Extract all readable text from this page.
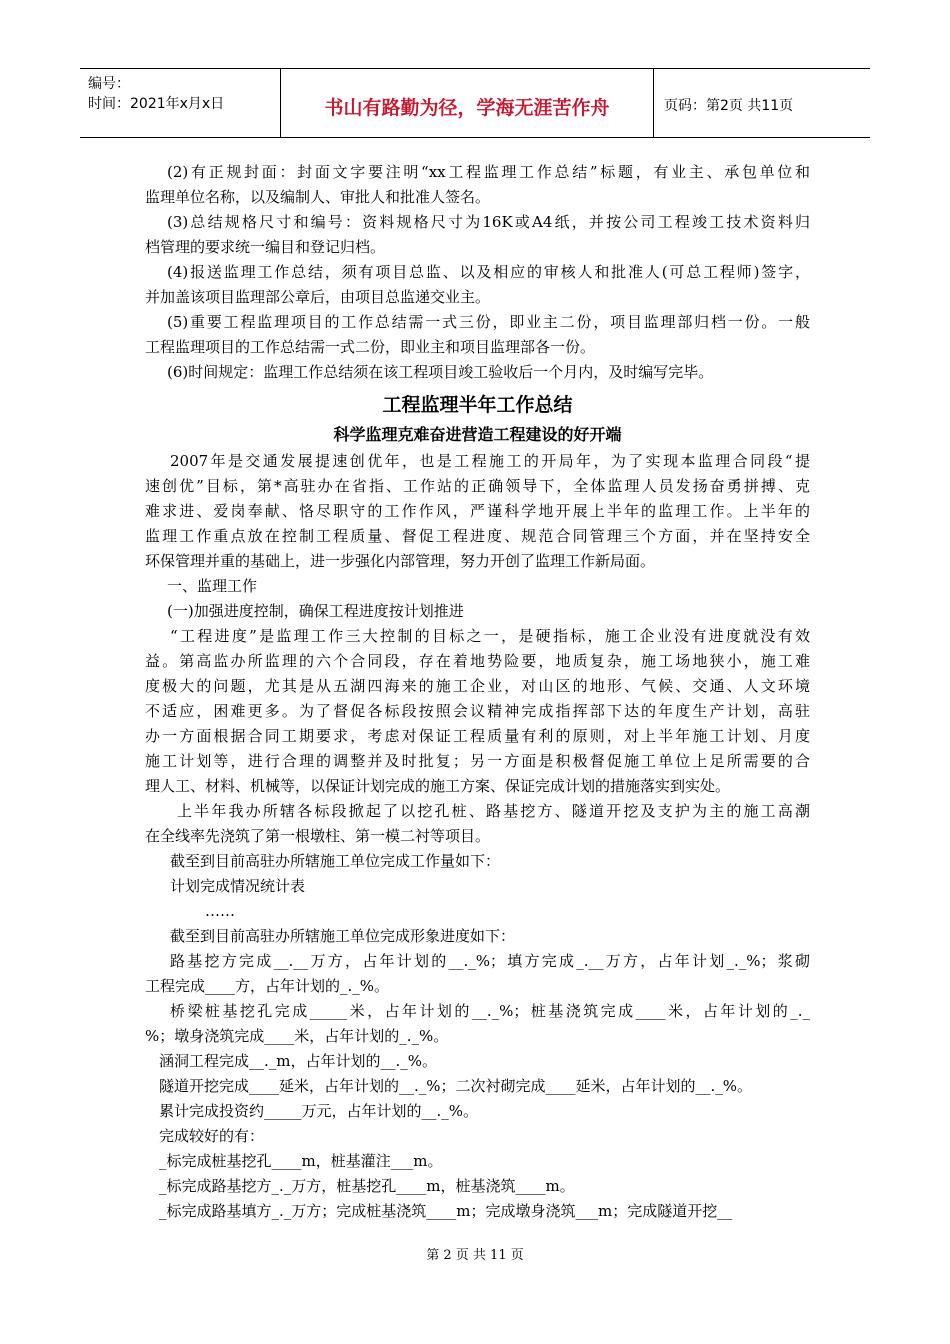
编号：
时间：2021年x月x日	书山有路勤为径，学海无涯苦作舟	页码：第2页 共11页
(2)有正规封面：封面文字要注明“xx工程监理工作总结”标题，有业主、承包单位和
监理单位名称，以及编制人、审批人和批准人签名。
(3)总结规格尺寸和编号：资料规格尺寸为16K或A4纸，并按公司工程竣工技术资料归
档管理的要求统一编目和登记归档。
(4)报送监理工作总结，须有项目总监、以及相应的审核人和批准人(可总工程师)签字，
并加盖该项目监理部公章后，由项目总监递交业主。
(5)重要工程监理项目的工作总结需一式三份，即业主二份，项目监理部归档一份。一般
工程监理项目的工作总结需一式二份，即业主和项目监理部各一份。
(6)时间规定：监理工作总结须在该工程项目竣工验收后一个月内，及时编写完毕。
工程监理半年工作总结
科学监理克难奋进营造工程建设的好开端
2007年是交通发展提速创优年，也是工程施工的开局年，为了实现本监理合同段“提
速创优”目标，第*高驻办在省指、工作站的正确领导下，全体监理人员发扬奋勇拼搏、克
难求进、爱岗奉献、恪尽职守的工作作风，严谨科学地开展上半年的监理工作。上半年的
监理工作重点放在控制工程质量、督促工程进度、规范合同管理三个方面，并在坚持安全
环保管理并重的基础上，进一步强化内部管理，努力开创了监理工作新局面。
一、监理工作
(一)加强进度控制，确保工程进度按计划推进
“工程进度”是监理工作三大控制的目标之一，是硬指标，施工企业没有进度就没有效
益。第高监办所监理的六个合同段，存在着地势险要，地质复杂，施工场地狭小，施工难
度极大的问题，尤其是从五湖四海来的施工企业，对山区的地形、气候、交通、人文环境
不适应，困难更多。为了督促各标段按照会议精神完成指挥部下达的年度生产计划，高驻
办一方面根据合同工期要求，考虑对保证工程质量有利的原则，对上半年施工计划、月度
施工计划等，进行合理的调整并及时批复；另一方面是积极督促施工单位上足所需要的合
理人工、材料、机械等，以保证计划完成的施工方案、保证完成计划的措施落实到实处。
上半年我办所辖各标段掀起了以挖孔桩、路基挖方、隧道开挖及支护为主的施工高潮
在全线率先浇筑了第一根墩柱、第一模二衬等项目。
截至到目前高驻办所辖施工单位完成工作量如下：
计划完成情况统计表
……
截至到目前高驻办所辖施工单位完成形象进度如下：
路基挖方完成__.__万方，占年计划的__._%；填方完成_.__万方，占年计划_._%；浆砌
工程完成____方，占年计划的_._%。
桥梁桩基挖孔完成_____米，占年计划的__._%；桩基浇筑完成____米，占年计划的_._
%；墩身浇筑完成____米，占年计划的_._%。
涵洞工程完成__._m，占年计划的__._%。
隧道开挖完成____延米，占年计划的__._%；二次衬砌完成____延米，占年计划的__._%。
累计完成投资约_____万元，占年计划的__._%。
完成较好的有：
_标完成桩基挖孔____m，桩基灌注___m。
_标完成路基挖方_._万方，桩基挖孔____m，桩基浇筑____m。
_标完成路基填方_._万方；完成桩基浇筑____m；完成墩身浇筑___m；完成隧道开挖__
第 2 页 共 11 页
